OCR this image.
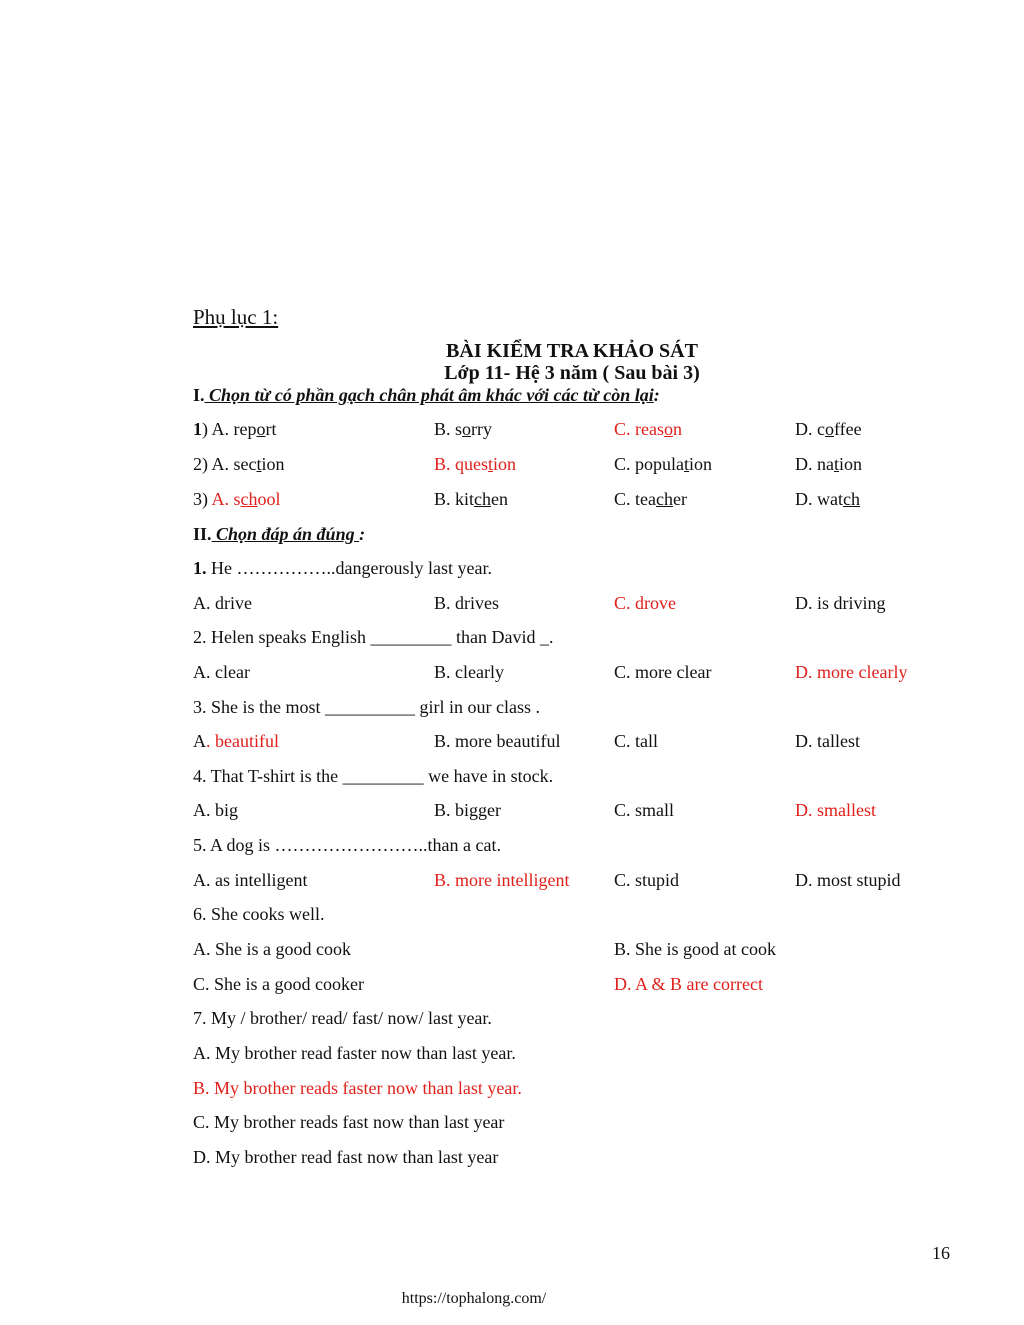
Phụ lục 1:
BÀI KIỂM TRA KHẢO SÁT
Lớp 11- Hệ 3 năm ( Sau bài 3)
I. Chọn từ có phần gạch chân phát âm khác với các từ còn lại:
1) A. report	B. sorry	C. reason	D. coffee
2) A. section	B. question	C. population	D. nation
3) A. school	B. kitchen	C. teacher	D. watch
II. Chọn đáp án đúng :
1. He ……………..dangerously last year.
A. drive	B. drives	C. drove	D. is driving
2. Helen speaks English _________ than David _.
A. clear	B. clearly	C. more clear	D. more clearly
3. She is the most __________ girl in our class .
A. beautiful	B. more beautiful	C. tall	D. tallest
4. That T-shirt is the _________ we have in stock.
A. big	B. bigger	C. small	D. smallest
5. A dog is ……………………..than a cat.
A. as intelligent	B. more intelligent C. stupid	D. most stupid
6. She cooks well.
A. She is a good cook	B. She is good at cook
C. She is a good cooker	D. A & B are correct
7. My / brother/ read/ fast/ now/ last year.
A. My brother read faster now than last year.
B. My brother reads faster now than last year.
C. My brother reads fast now than last year
D. My brother read fast now than last year
16
https://tophalong.com/
